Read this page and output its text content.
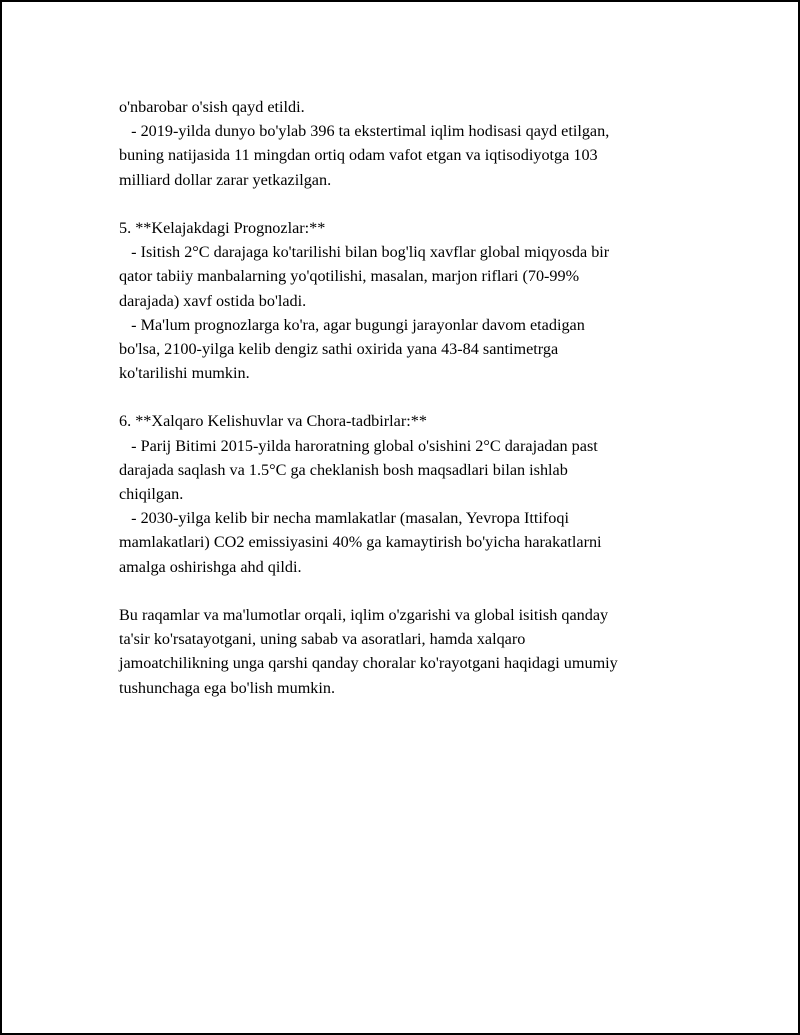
o'nbarobar o'sish qayd etildi.
- 2019-yilda dunyo bo'ylab 396 ta ekstertimal iqlim hodisasi qayd etilgan,
buning natijasida 11 mingdan ortiq odam vafot etgan va iqtisodiyotga 103
milliard dollar zarar yetkazilgan.
5. **Kelajakdagi Prognozlar:**
- Isitish 2°C darajaga ko'tarilishi bilan bog'liq xavflar global miqyosda bir
qator tabiiy manbalarning yo'qotilishi, masalan, marjon riflari (70-99%
darajada) xavf ostida bo'ladi.
- Ma'lum prognozlarga ko'ra, agar bugungi jarayonlar davom etadigan
bo'lsa, 2100-yilga kelib dengiz sathi oxirida yana 43-84 santimetrga
ko'tarilishi mumkin.
6. **Xalqaro Kelishuvlar va Chora-tadbirlar:**
- Parij Bitimi 2015-yilda haroratning global o'sishini 2°C darajadan past
darajada saqlash va 1.5°C ga cheklanish bosh maqsadlari bilan ishlab
chiqilgan.
- 2030-yilga kelib bir necha mamlakatlar (masalan, Yevropa Ittifoqi
mamlakatlari) CO2 emissiyasini 40% ga kamaytirish bo'yicha harakatlarni
amalga oshirishga ahd qildi.
Bu raqamlar va ma'lumotlar orqali, iqlim o'zgarishi va global isitish qanday
ta'sir ko'rsatayotgani, uning sabab va asoratlari, hamda xalqaro
jamoatchilikning unga qarshi qanday choralar ko'rayotgani haqidagi umumiy
tushunchaga ega bo'lish mumkin.
